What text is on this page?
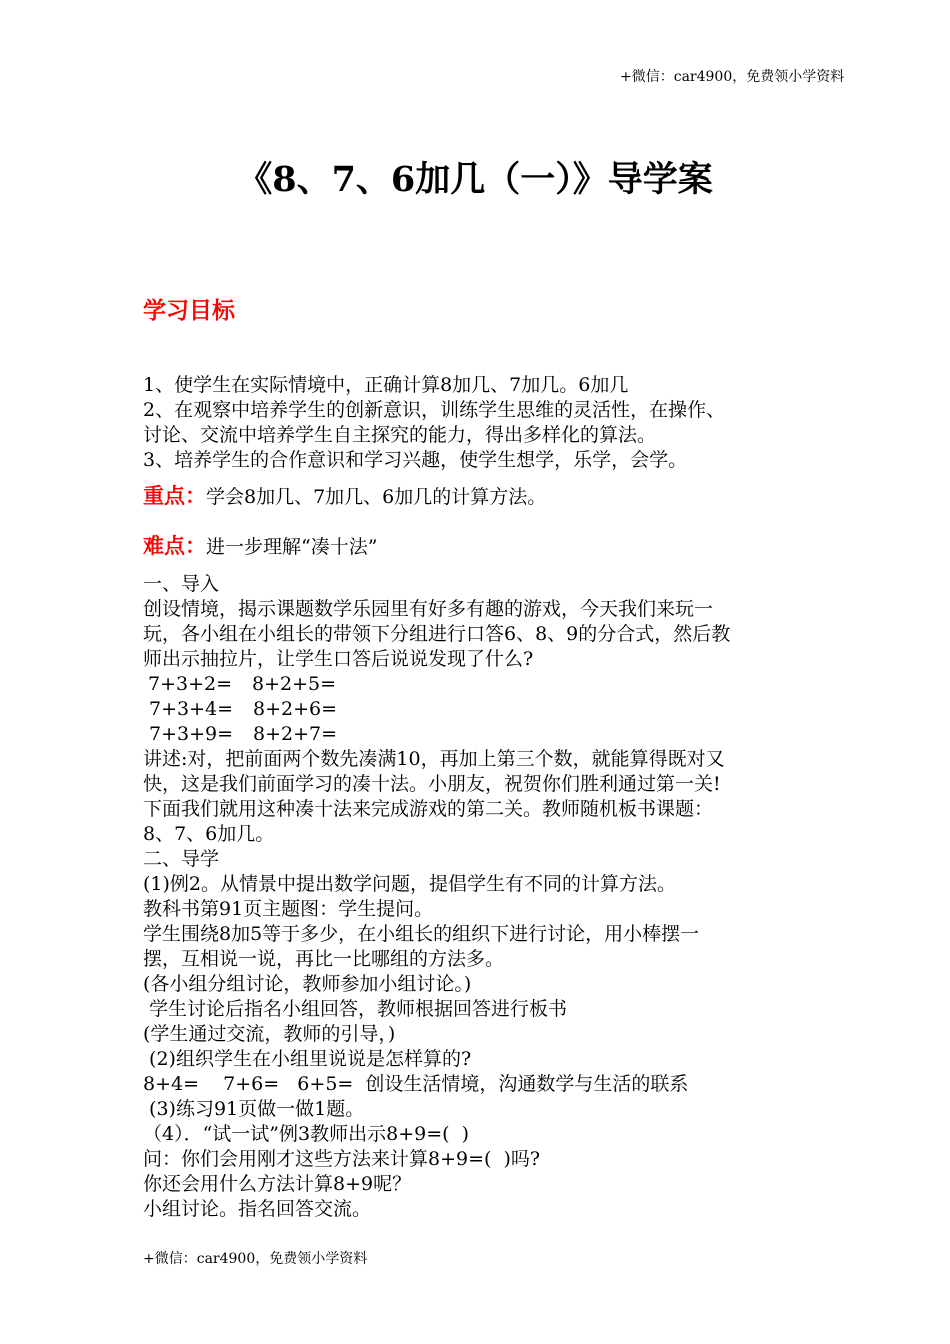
+微信：car4900，免费领小学资料
《8、7、6加几（一）》导学案
学习目标
1、使学生在实际情境中，正确计算8加几、7加几。6加几
2、在观察中培养学生的创新意识，训练学生思维的灵活性，在操作、
讨论、交流中培养学生自主探究的能力，得出多样化的算法。
3、培养学生的合作意识和学习兴趣，使学生想学，乐学，会学。
重点：学会8加几、7加几、6加几的计算方法。
难点：进一步理解“凑十法”
一、导入
创设情境，揭示课题数学乐园里有好多有趣的游戏，今天我们来玩一
玩，各小组在小组长的带领下分组进行口答6、8、9的分合式，然后教
师出示抽拉片，让学生口答后说说发现了什么?
7+3+2= 8+2+5=
7+3+4= 8+2+6=
7+3+9= 8+2+7=
讲述:对，把前面两个数先凑满10，再加上第三个数，就能算得既对又
快，这是我们前面学习的凑十法。小朋友，祝贺你们胜利通过第一关!
下面我们就用这种凑十法来完成游戏的第二关。教师随机板书课题：
8、7、6加几。
二、导学
(1)例2。从情景中提出数学问题，提倡学生有不同的计算方法。
教科书第91页主题图：学生提问。
学生围绕8加5等于多少，在小组长的组织下进行讨论，用小棒摆一
摆，互相说一说，再比一比哪组的方法多。
(各小组分组讨论，教师参加小组讨论。)
学生讨论后指名小组回答，教师根据回答进行板书
(学生通过交流，教师的引导，)
(2)组织学生在小组里说说是怎样算的?
8+4=    7+6=   6+5=  创设生活情境，沟通数学与生活的联系
(3)练习91页做一做1题。
（4）．“试一试”例3教师出示8+9=(  )
问：你们会用刚才这些方法来计算8+9=(  )吗?
你还会用什么方法计算8+9呢？
小组讨论。指名回答交流。
+微信：car4900，免费领小学资料
